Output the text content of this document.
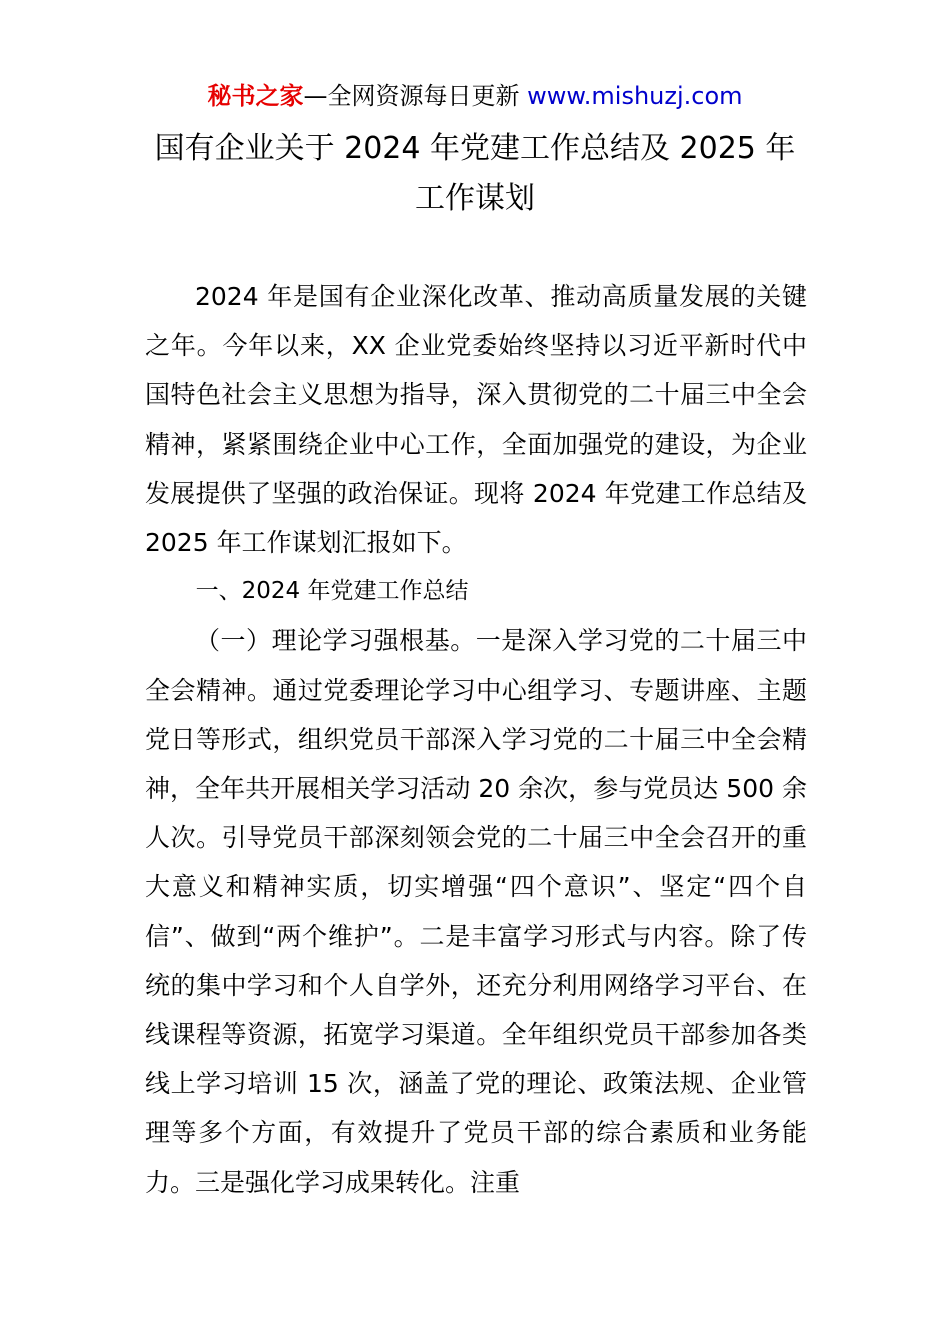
秘书之家—全网资源每日更新 www.mishuzj.com
国有企业关于 2024 年党建工作总结及 2025 年工作谋划

2024 年是国有企业深化改革、推动高质量发展的关键之年。今年以来，XX 企业党委始终坚持以习近平新时代中国特色社会主义思想为指导，深入贯彻党的二十届三中全会精神，紧紧围绕企业中心工作，全面加强党的建设，为企业发展提供了坚强的政治保证。现将 2024 年党建工作总结及 2025 年工作谋划汇报如下。

一、2024 年党建工作总结

（一）理论学习强根基。一是深入学习党的二十届三中全会精神。通过党委理论学习中心组学习、专题讲座、主题党日等形式，组织党员干部深入学习党的二十届三中全会精神，全年共开展相关学习活动 20 余次，参与党员达 500 余人次。引导党员干部深刻领会党的二十届三中全会召开的重大意义和精神实质，切实增强“四个意识”、坚定“四个自信”、做到“两个维护”。二是丰富学习形式与内容。除了传统的集中学习和个人自学外，还充分利用网络学习平台、在线课程等资源，拓宽学习渠道。全年组织党员干部参加各类线上学习培训 15 次，涵盖了党的理论、政策法规、企业管理等多个方面，有效提升了党员干部的综合素质和业务能力。三是强化学习成果转化。注重
